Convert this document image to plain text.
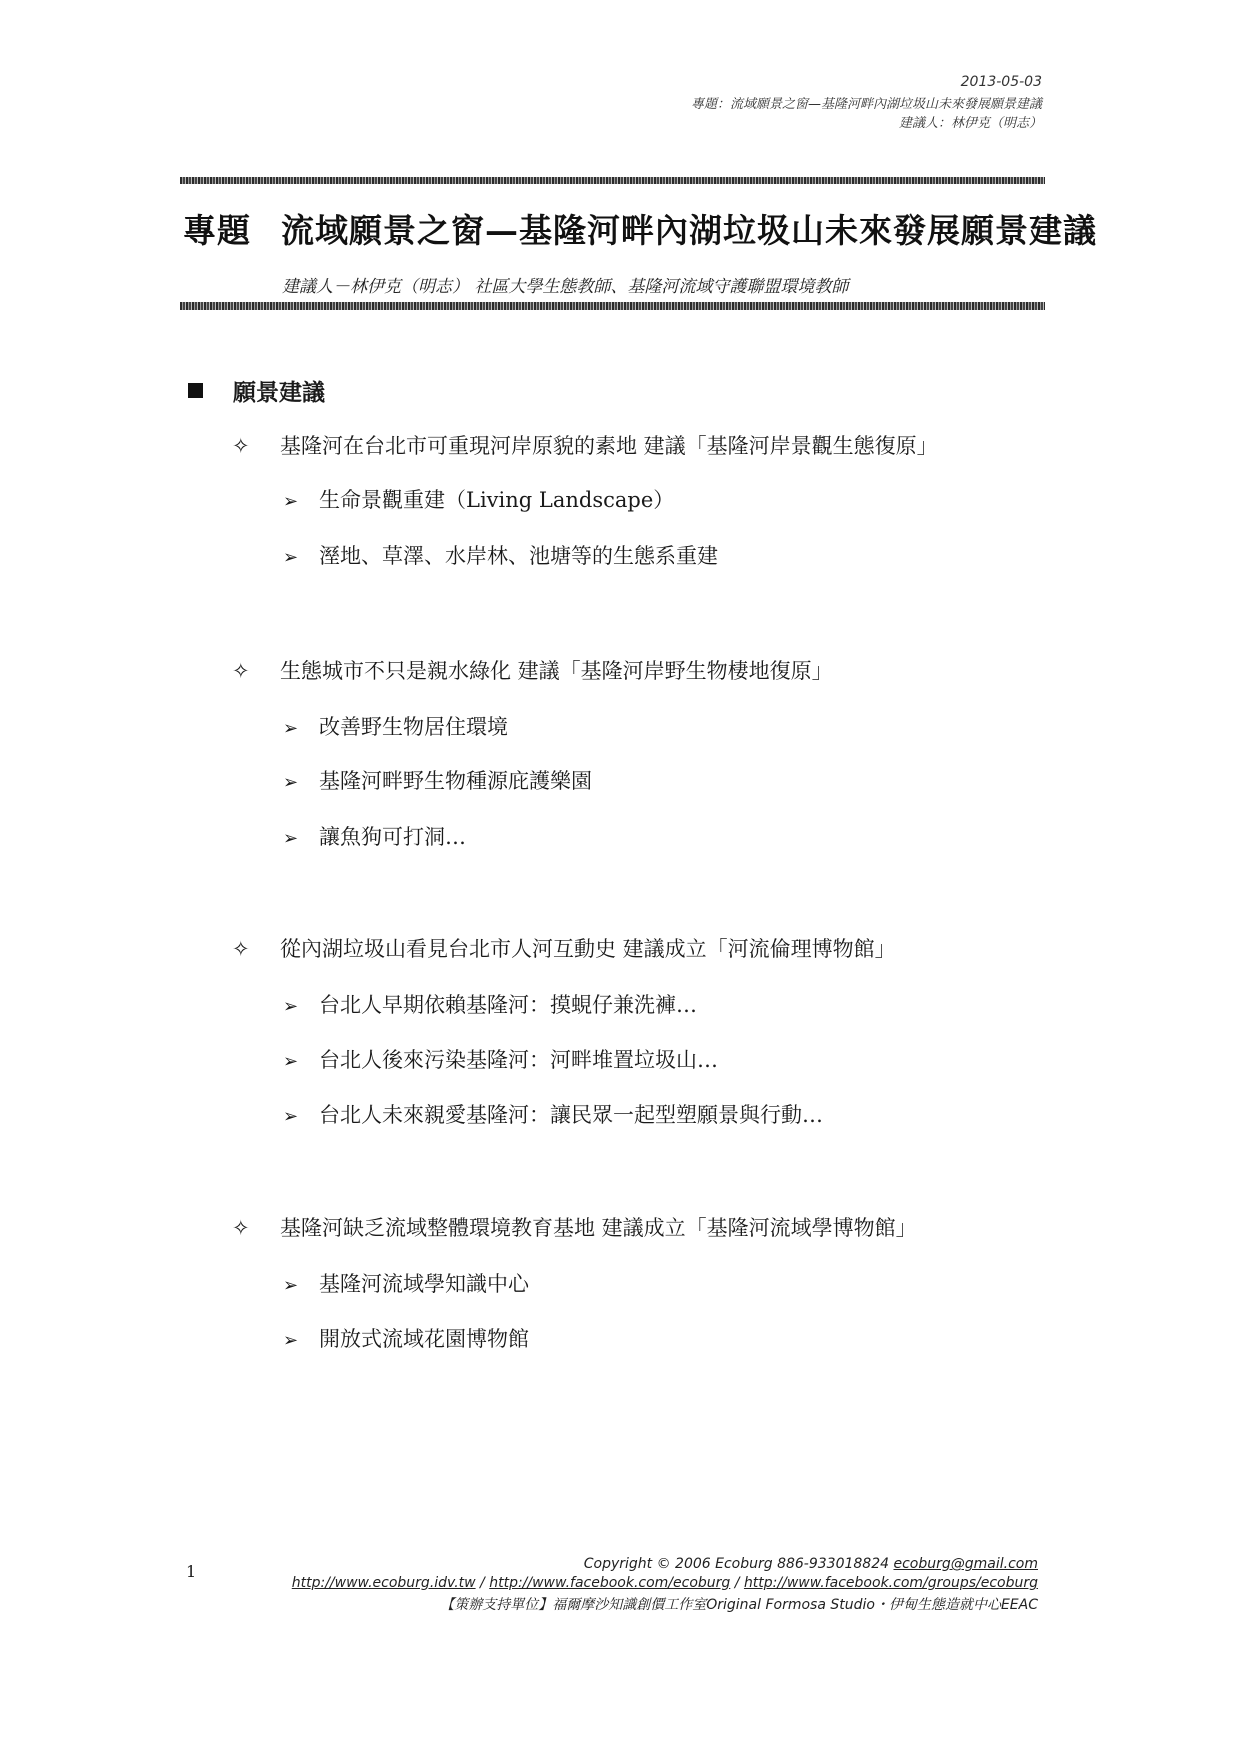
2013-05-03
專題：流域願景之窗—基隆河畔內湖垃圾山未來發展願景建議
建議人：林伊克（明志）
專題 流域願景之窗—基隆河畔內湖垃圾山未來發展願景建議
建議人－林伊克（明志） 社區大學生態教師、基隆河流域守護聯盟環境教師
願景建議
✧ 基隆河在台北市可重現河岸原貌的素地 建議「基隆河岸景觀生態復原」
➢ 生命景觀重建（Living Landscape）
➢ 溼地、草澤、水岸林、池塘等的生態系重建
✧ 生態城市不只是親水綠化 建議「基隆河岸野生物棲地復原」
➢ 改善野生物居住環境
➢ 基隆河畔野生物種源庇護樂園
➢ 讓魚狗可打洞…
✧ 從內湖垃圾山看見台北市人河互動史 建議成立「河流倫理博物館」
➢ 台北人早期依賴基隆河：摸蜆仔兼洗褲…
➢ 台北人後來污染基隆河：河畔堆置垃圾山…
➢ 台北人未來親愛基隆河：讓民眾一起型塑願景與行動…
✧ 基隆河缺乏流域整體環境教育基地 建議成立「基隆河流域學博物館」
➢ 基隆河流域學知識中心
➢ 開放式流域花園博物館
1	Copyright © 2006 Ecoburg 886-933018824 ecoburg@gmail.com
http://www.ecoburg.idv.tw / http://www.facebook.com/ecoburg / http://www.facebook.com/groups/ecoburg
【策辦支持單位】福爾摩沙知識創價工作室Original Formosa Studio・伊甸生態造就中心EEAC
